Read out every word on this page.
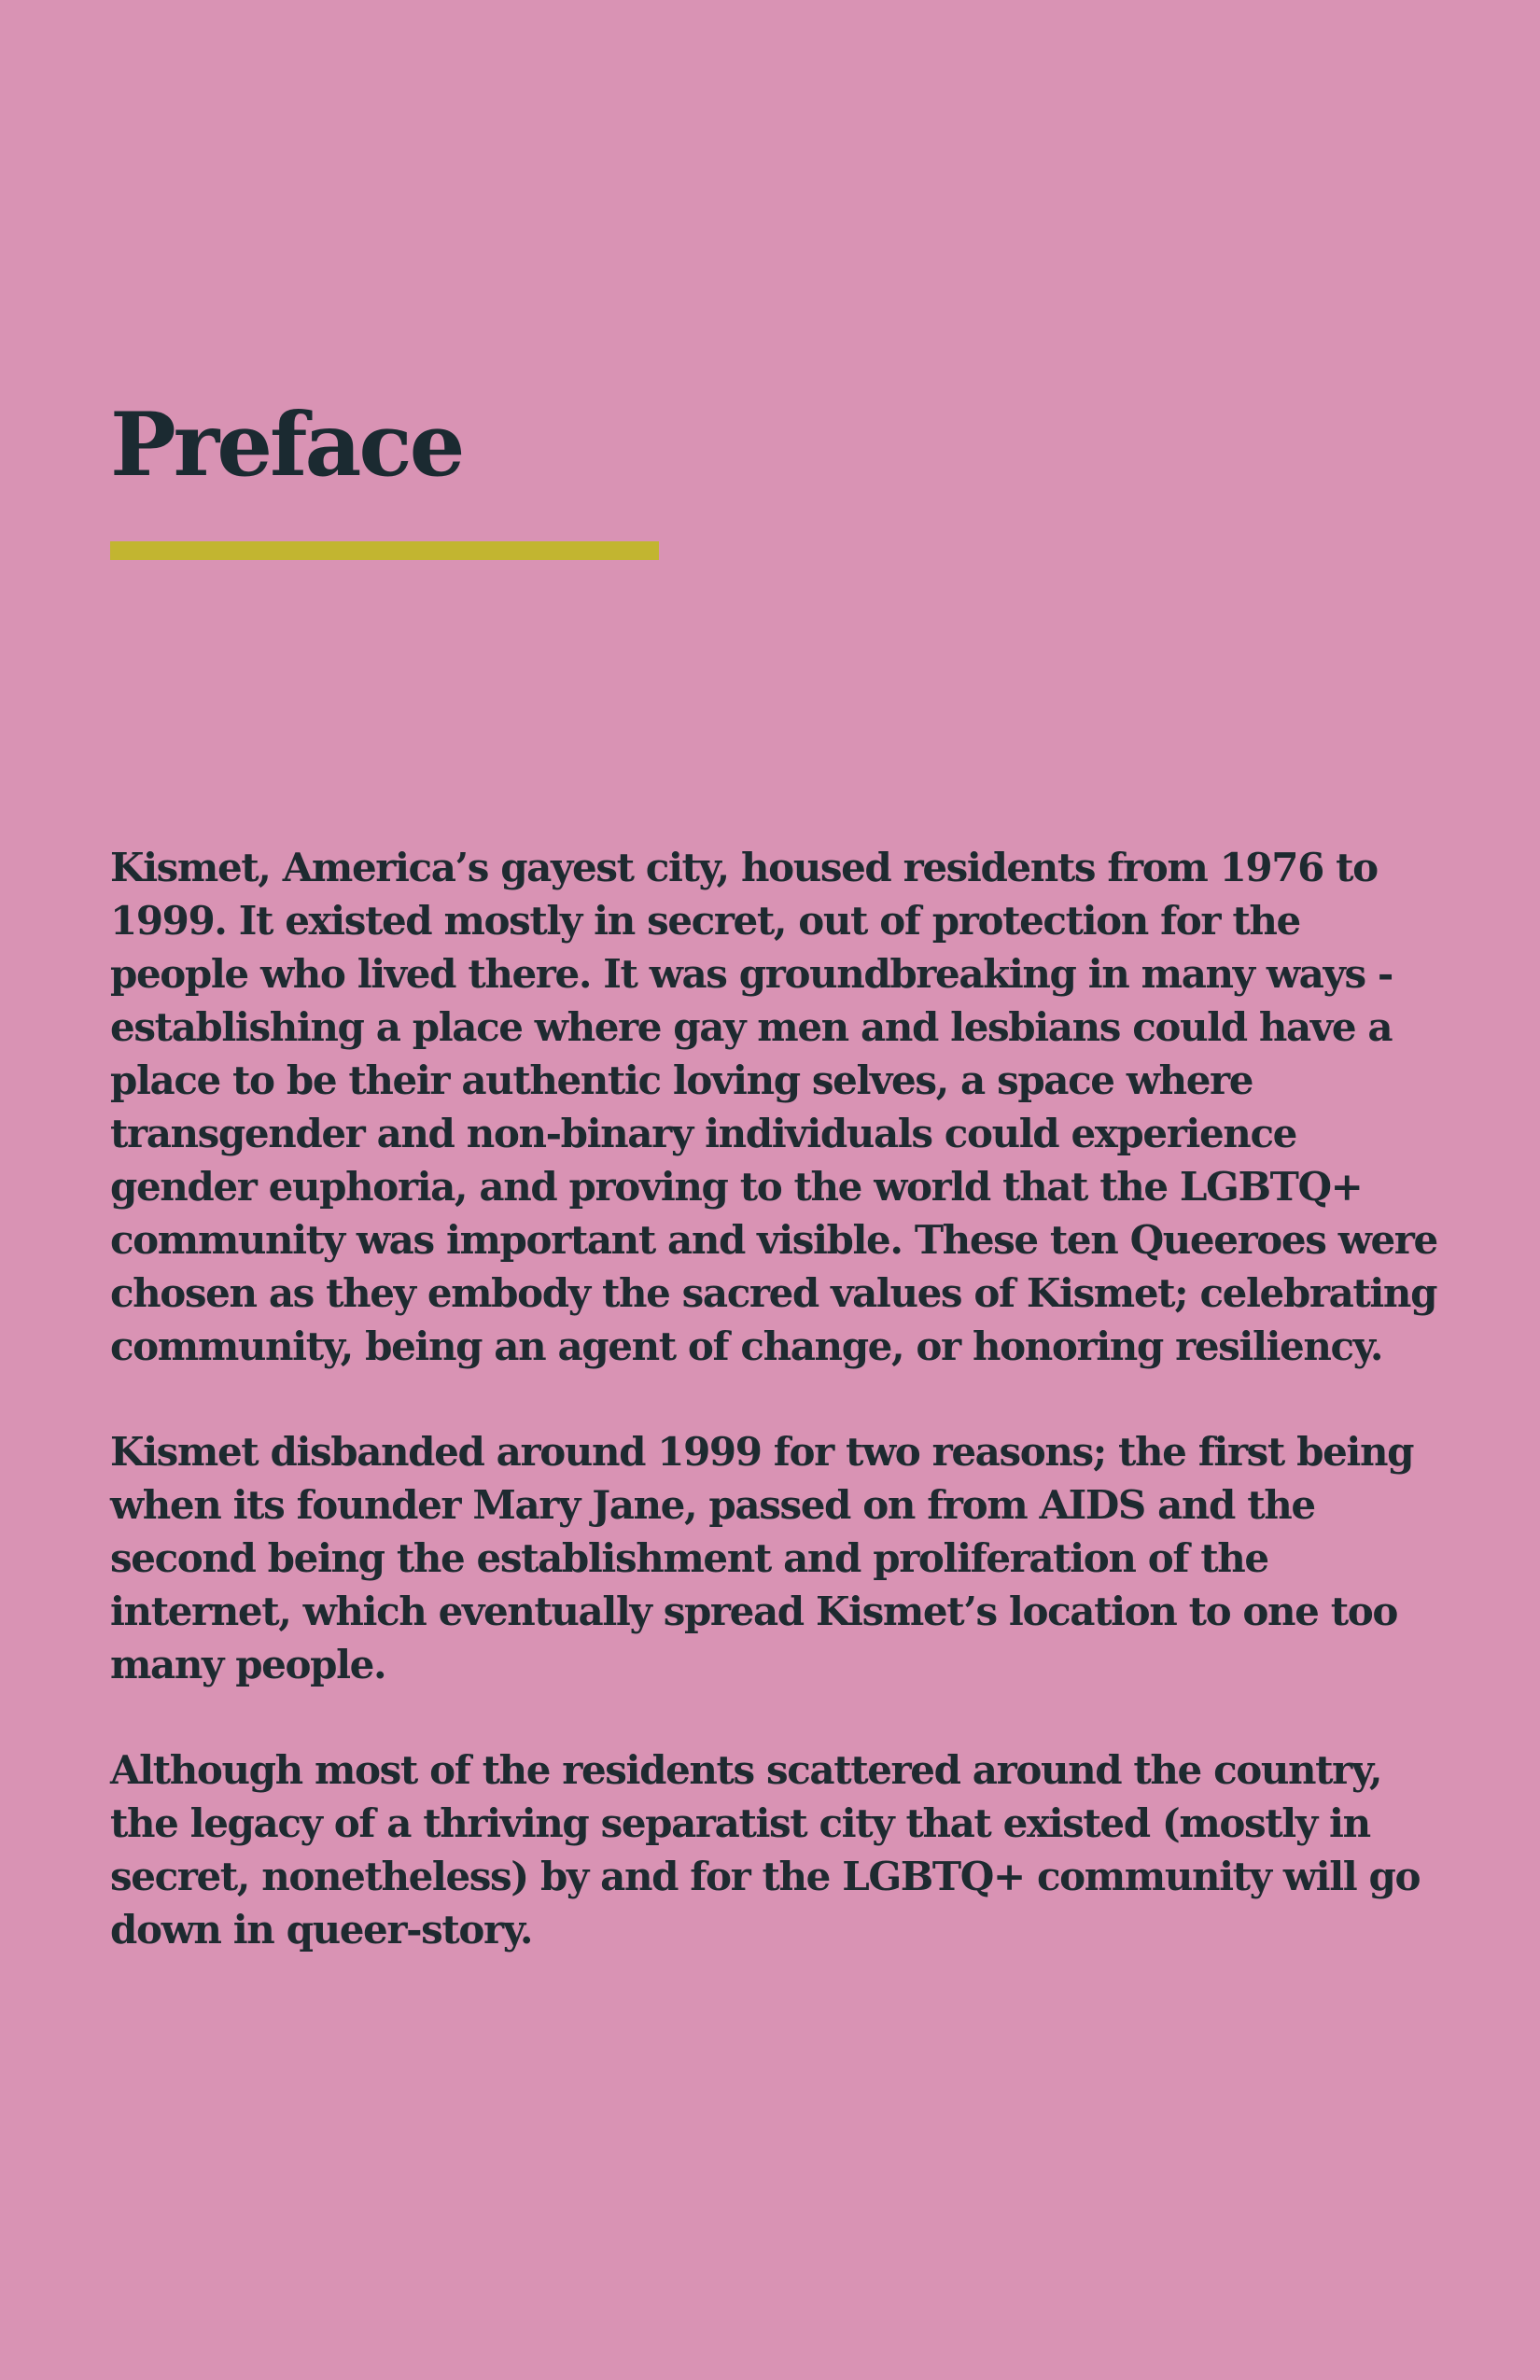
Preface

Kismet, America’s gayest city, housed residents from 1976 to 1999. It existed mostly in secret, out of protection for the people who lived there. It was groundbreaking in many ways - establishing a place where gay men and lesbians could have a place to be their authentic loving selves, a space where transgender and non-binary individuals could experience gender euphoria, and proving to the world that the LGBTQ+ community was important and visible. These ten Queeroes were chosen as they embody the sacred values of Kismet; celebrating community, being an agent of change, or honoring resiliency.

Kismet disbanded around 1999 for two reasons; the first being when its founder Mary Jane, passed on from AIDS and the second being the establishment and proliferation of the internet, which eventually spread Kismet’s location to one too many people.

Although most of the residents scattered around the country, the legacy of a thriving separatist city that existed (mostly in secret, nonetheless) by and for the LGBTQ+ community will go down in queer-story.
